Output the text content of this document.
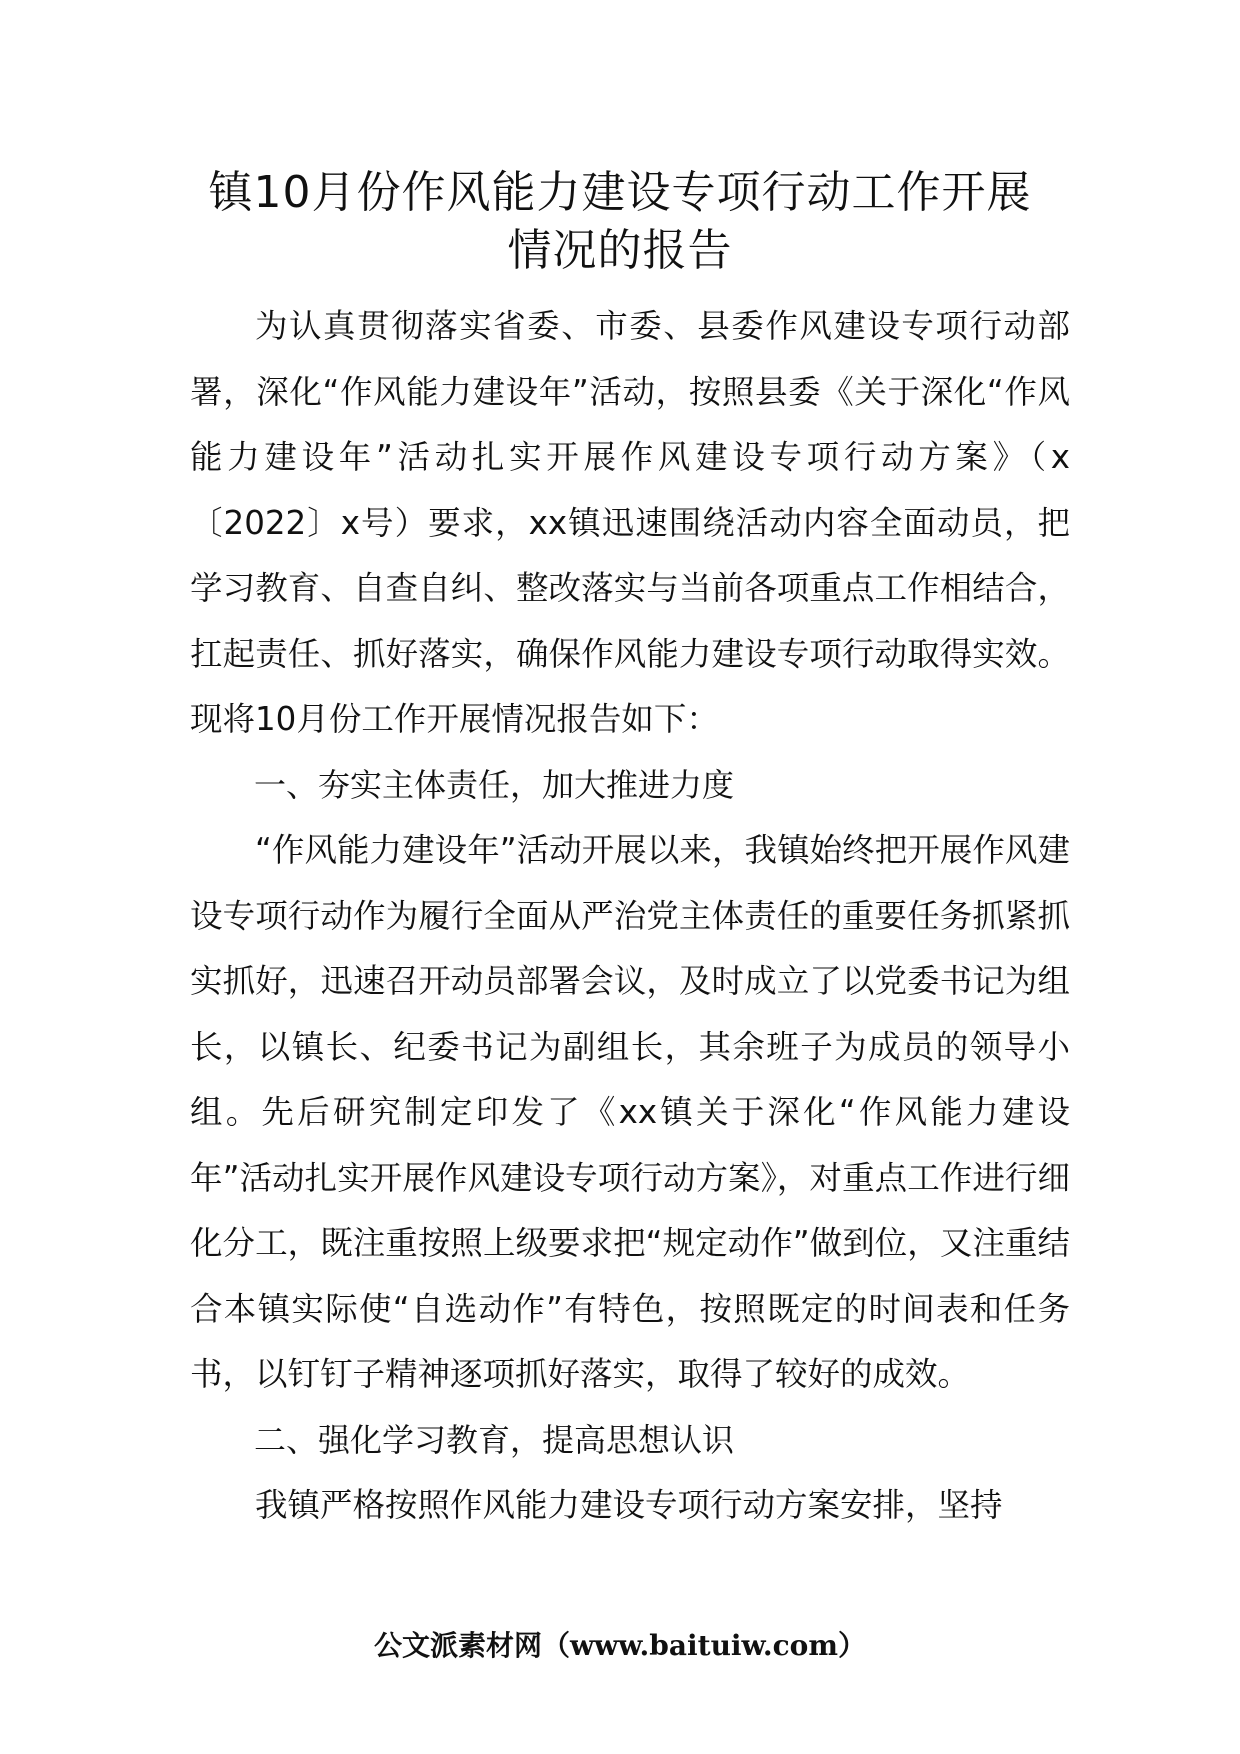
镇10月份作风能力建设专项行动工作开展
情况的报告

为认真贯彻落实省委、市委、县委作风建设专项行动部署，深化“作风能力建设年”活动，按照县委《关于深化“作风能力建设年”活动扎实开展作风建设专项行动方案》（x〔2022〕x号）要求，xx镇迅速围绕活动内容全面动员，把学习教育、自查自纠、整改落实与当前各项重点工作相结合，扛起责任、抓好落实，确保作风能力建设专项行动取得实效。现将10月份工作开展情况报告如下：

一、夯实主体责任，加大推进力度

“作风能力建设年”活动开展以来，我镇始终把开展作风建设专项行动作为履行全面从严治党主体责任的重要任务抓紧抓实抓好，迅速召开动员部署会议，及时成立了以党委书记为组长，以镇长、纪委书记为副组长，其余班子为成员的领导小组。先后研究制定印发了《xx镇关于深化“作风能力建设年”活动扎实开展作风建设专项行动方案》，对重点工作进行细化分工，既注重按照上级要求把“规定动作”做到位，又注重结合本镇实际使“自选动作”有特色，按照既定的时间表和任务书，以钉钉子精神逐项抓好落实，取得了较好的成效。

二、强化学习教育，提高思想认识

我镇严格按照作风能力建设专项行动方案安排，坚持

公文派素材网（www.baituiw.com）
